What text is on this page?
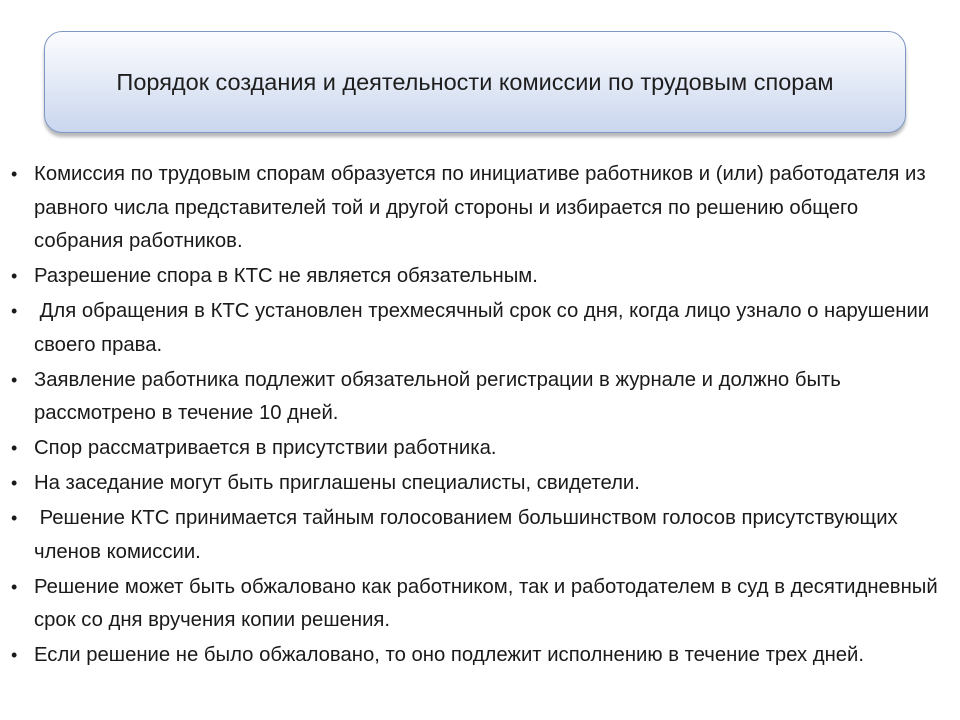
Порядок создания и деятельности комиссии по трудовым спорам
• Комиссия по трудовым спорам образуется по инициативе работников и (или) работодателя из равного числа представителей той и другой стороны и избирается по решению общего собрания работников.
• Разрешение спора в КТС не является обязательным.
• Для обращения в КТС установлен трехмесячный срок со дня, когда лицо узнало о нарушении своего права.
• Заявление работника подлежит обязательной регистрации в журнале и должно быть рассмотрено в течение 10 дней.
• Спор рассматривается в присутствии работника.
• На заседание могут быть приглашены специалисты, свидетели.
• Решение КТС принимается тайным голосованием большинством голосов присутствующих членов комиссии.
• Решение может быть обжаловано как работником, так и работодателем в суд в десятидневный срок со дня вручения копии решения.
• Если решение не было обжаловано, то оно подлежит исполнению в течение трех дней.
